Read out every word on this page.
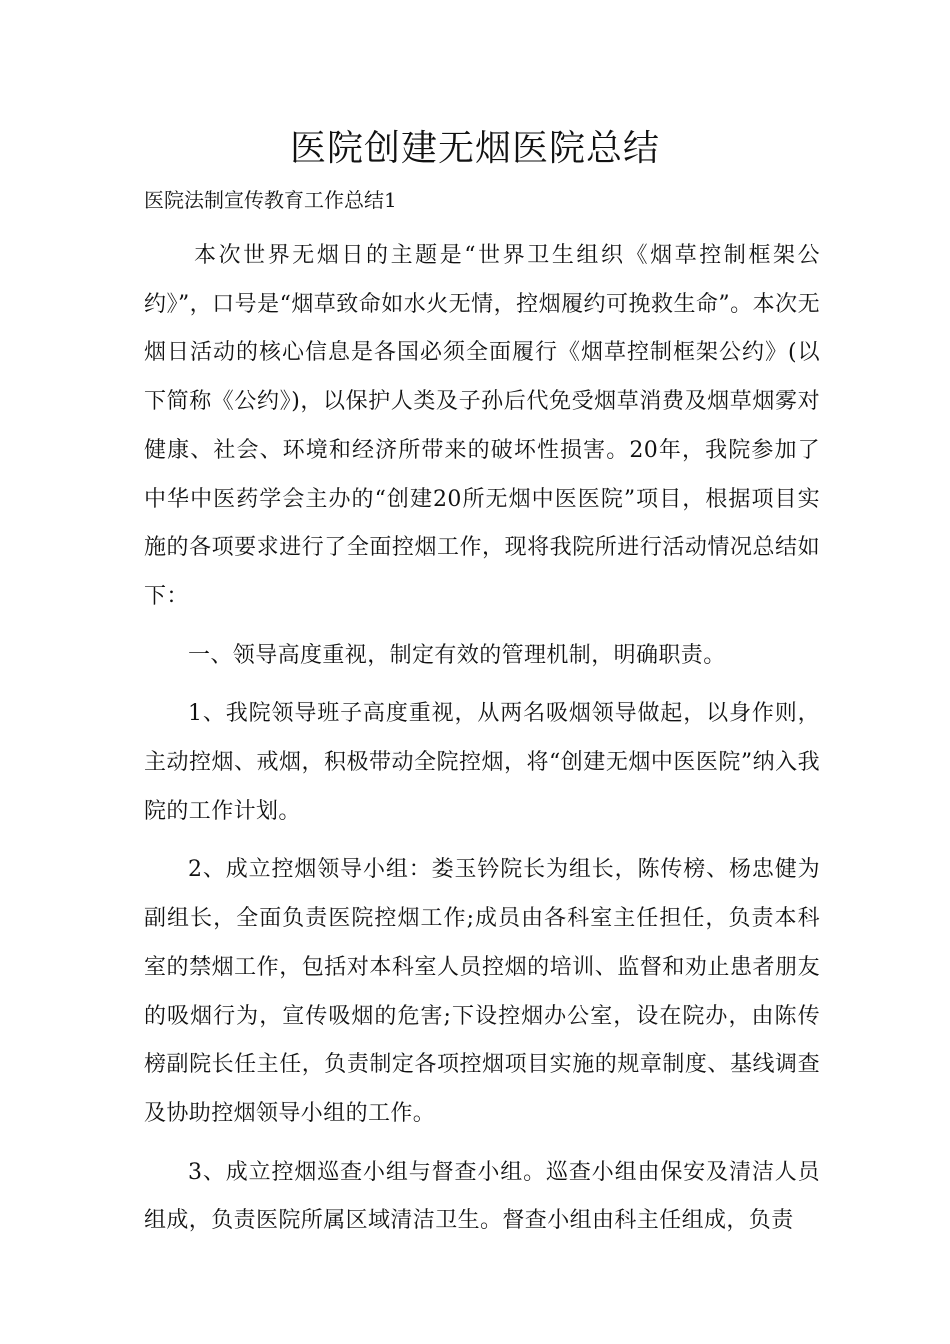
医院创建无烟医院总结

医院法制宣传教育工作总结1

本次世界无烟日的主题是“世界卫生组织《烟草控制框架公约》”，口号是“烟草致命如水火无情，控烟履约可挽救生命”。本次无烟日活动的核心信息是各国必须全面履行《烟草控制框架公约》(以下简称《公约》)，以保护人类及子孙后代免受烟草消费及烟草烟雾对健康、社会、环境和经济所带来的破坏性损害。20年，我院参加了中华中医药学会主办的“创建20所无烟中医医院”项目，根据项目实施的各项要求进行了全面控烟工作，现将我院所进行活动情况总结如下：

一、领导高度重视，制定有效的管理机制，明确职责。

1、我院领导班子高度重视，从两名吸烟领导做起，以身作则，主动控烟、戒烟，积极带动全院控烟，将“创建无烟中医医院”纳入我院的工作计划。

2、成立控烟领导小组：娄玉钤院长为组长，陈传榜、杨忠健为副组长，全面负责医院控烟工作;成员由各科室主任担任，负责本科室的禁烟工作，包括对本科室人员控烟的培训、监督和劝止患者朋友的吸烟行为，宣传吸烟的危害;下设控烟办公室，设在院办，由陈传榜副院长任主任，负责制定各项控烟项目实施的规章制度、基线调查及协助控烟领导小组的工作。

3、成立控烟巡查小组与督查小组。巡查小组由保安及清洁人员组成，负责医院所属区域清洁卫生。督查小组由科主任组成，负责
